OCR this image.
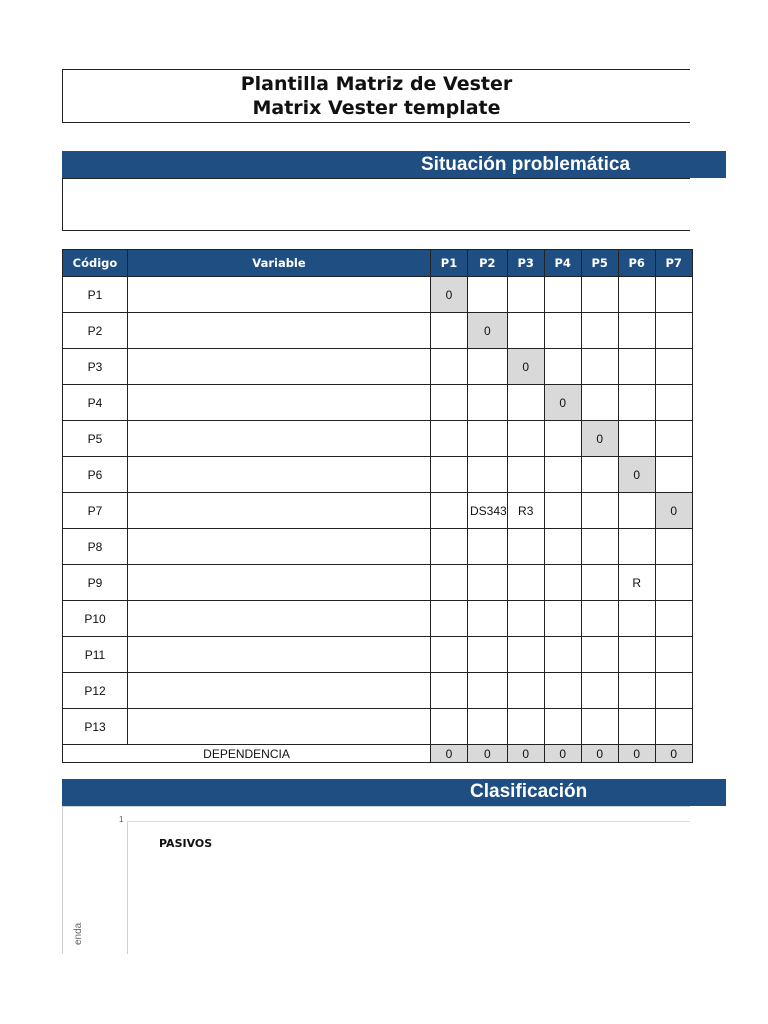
Plantilla Matriz de Vester
Matrix Vester template
Situación problemática
Código	Variable	P1	P2	P3	P4	P5	P6	P7
P1		0						
P2			0					
P3				0				
P4					0			
P5						0		
P6							0	
P7			DS343	R3				0
P8								
P9							R	
P10								
P11								
P12								
P13								
DEPENDENCIA		0	0	0	0	0	0	0
Clasificación
1
PASIVOS
enda
